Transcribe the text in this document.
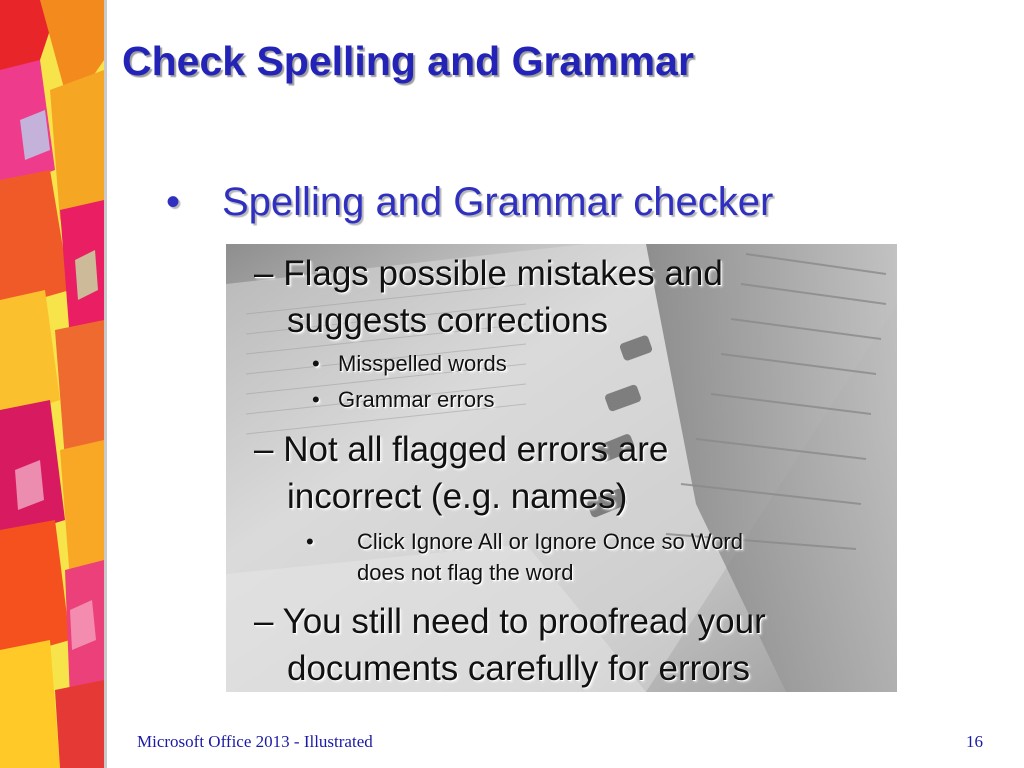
Check Spelling and Grammar
• Spelling and Grammar checker
– Flags possible mistakes and
suggests corrections
• Misspelled words
• Grammar errors
– Not all flagged errors are
incorrect (e.g. names)
• Click Ignore All or Ignore Once so Word
does not flag the word
– You still need to proofread your
documents carefully for errors
Microsoft Office 2013 - Illustrated	16
